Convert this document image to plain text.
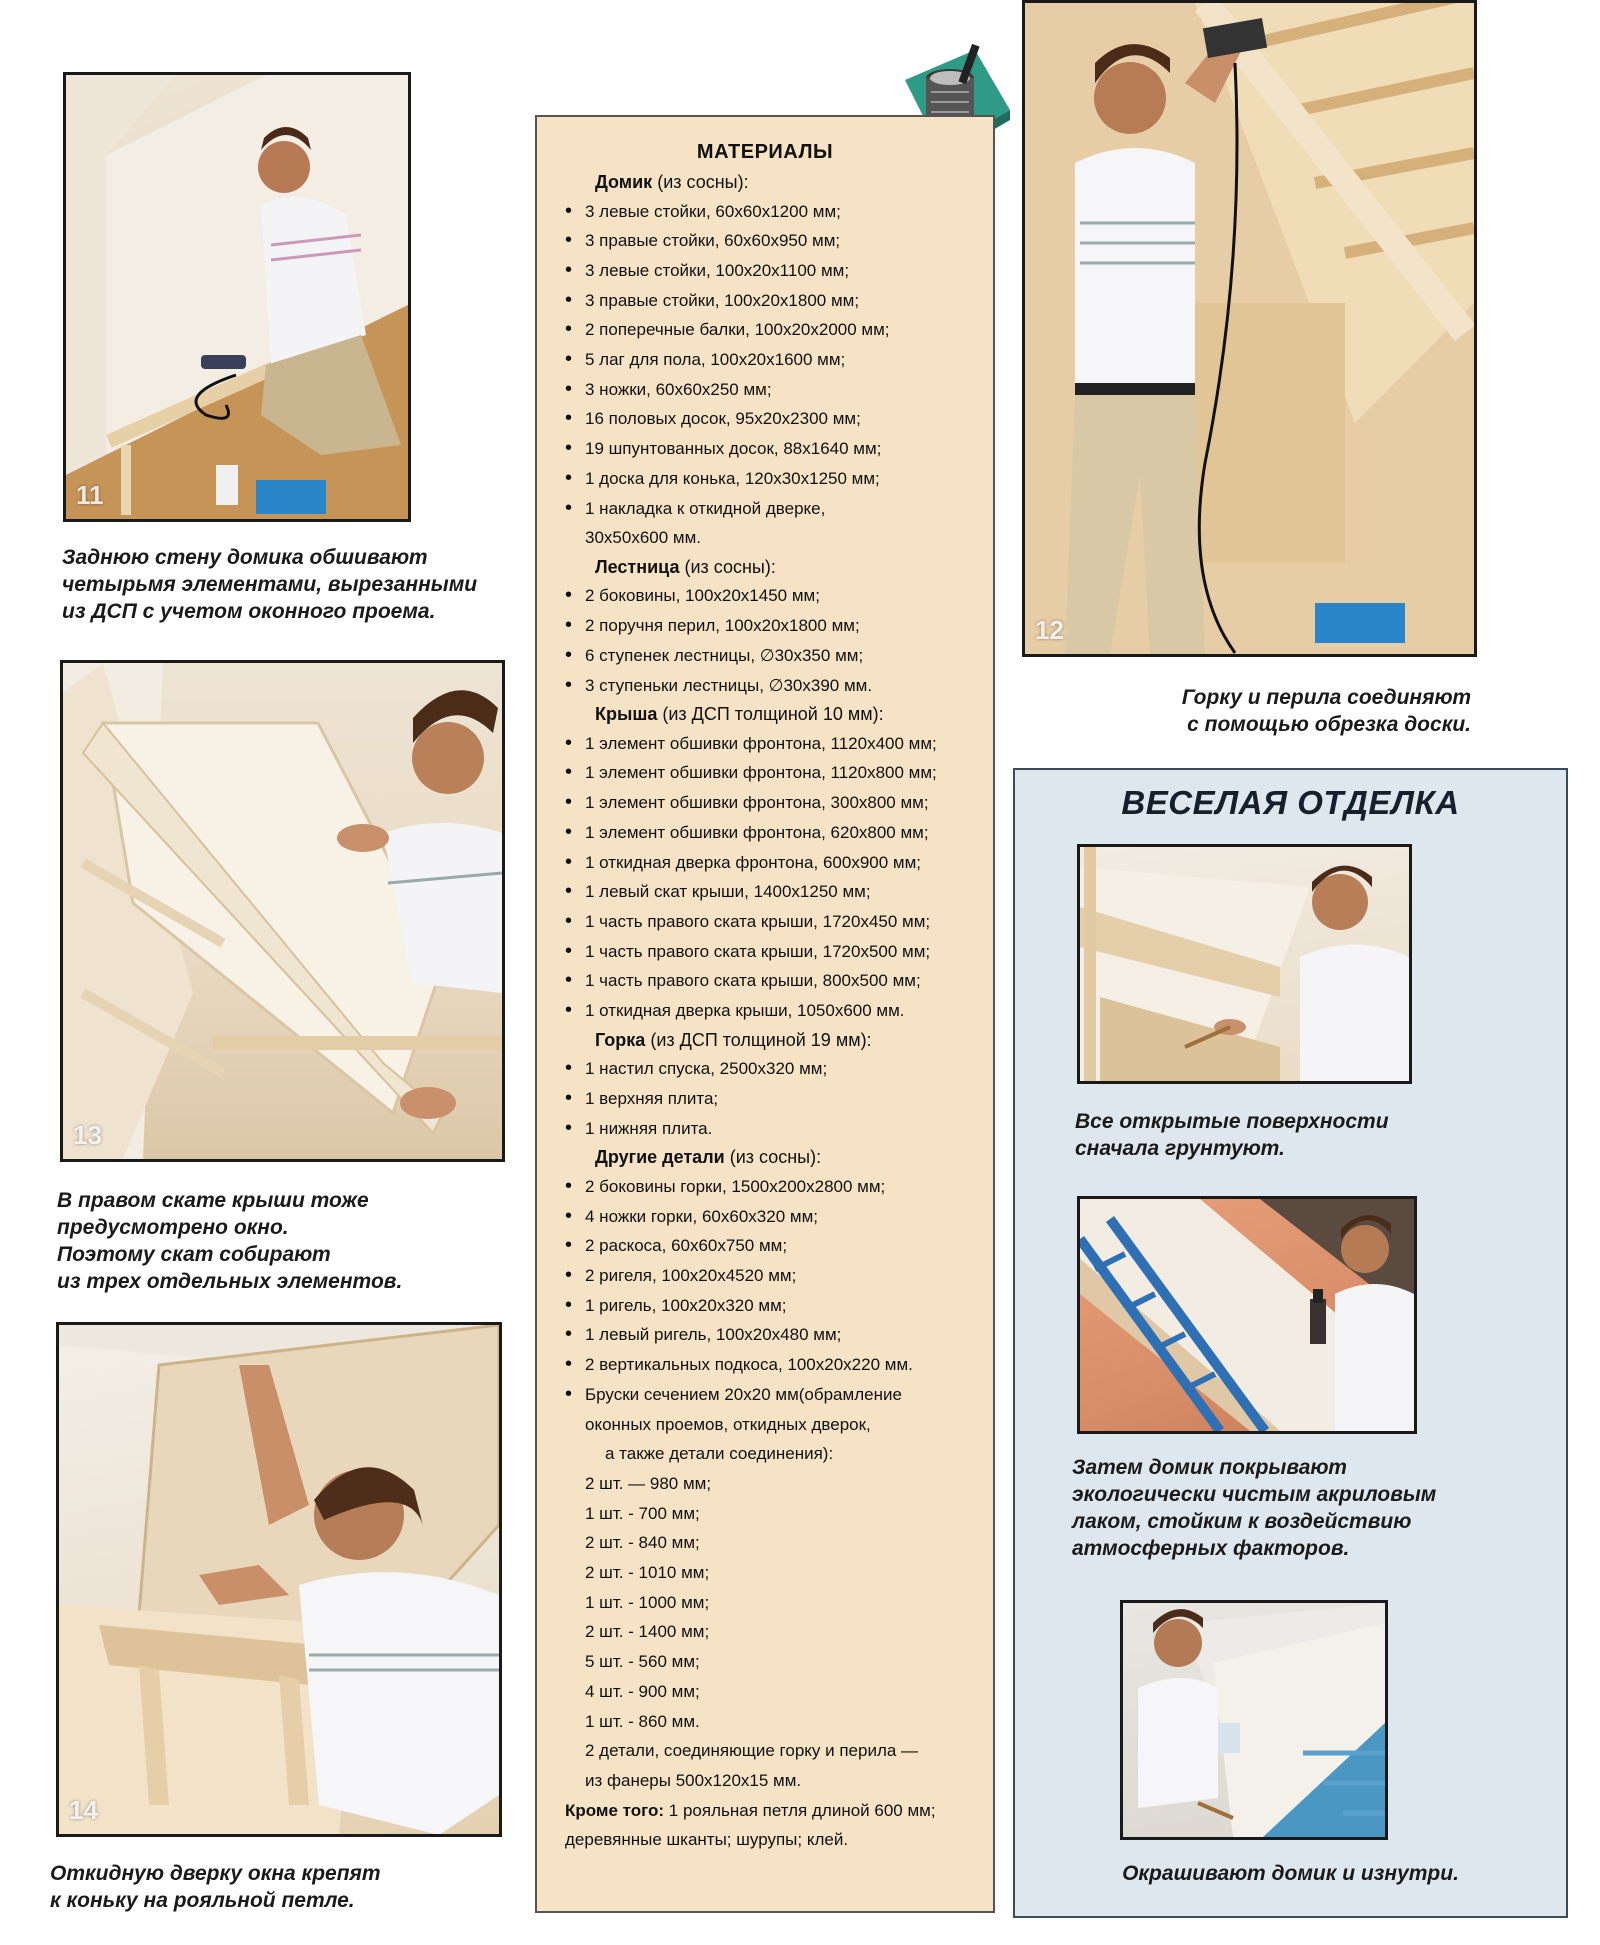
11
Заднюю стену домика обшивают
четырьмя элементами, вырезанными
из ДСП с учетом оконного проема.
13
В правом скате крыши тоже
предусмотрено окно.
Поэтому скат собирают
из трех отдельных элементов.
14
Откидную дверку окна крепят
к коньку на рояльной петле.
МАТЕРИАЛЫ
Домик (из сосны):
• 3 левые стойки, 60х60х1200 мм;
• 3 правые стойки, 60х60х950 мм;
• 3 левые стойки, 100х20х1100 мм;
• 3 правые стойки, 100х20х1800 мм;
• 2 поперечные балки, 100х20х2000 мм;
• 5 лаг для пола, 100х20х1600 мм;
• 3 ножки, 60х60х250 мм;
• 16 половых досок, 95х20х2300 мм;
• 19 шпунтованных досок, 88х1640 мм;
• 1 доска для конька, 120х30х1250 мм;
• 1 накладка к откидной дверке,
30х50х600 мм.
Лестница (из сосны):
• 2 боковины, 100х20х1450 мм;
• 2 поручня перил, 100х20х1800 мм;
• 6 ступенек лестницы, ∅30х350 мм;
• 3 ступеньки лестницы, ∅30х390 мм.
Крыша (из ДСП толщиной 10 мм):
• 1 элемент обшивки фронтона, 1120х400 мм;
• 1 элемент обшивки фронтона, 1120х800 мм;
• 1 элемент обшивки фронтона, 300х800 мм;
• 1 элемент обшивки фронтона, 620х800 мм;
• 1 откидная дверка фронтона, 600х900 мм;
• 1 левый скат крыши, 1400х1250 мм;
• 1 часть правого ската крыши, 1720х450 мм;
• 1 часть правого ската крыши, 1720х500 мм;
• 1 часть правого ската крыши, 800х500 мм;
• 1 откидная дверка крыши, 1050х600 мм.
Горка (из ДСП толщиной 19 мм):
• 1 настил спуска, 2500х320 мм;
• 1 верхняя плита;
• 1 нижняя плита.
Другие детали (из сосны):
• 2 боковины горки, 1500х200х2800 мм;
• 4 ножки горки, 60х60х320 мм;
• 2 раскоса, 60х60х750 мм;
• 2 ригеля, 100х20х4520 мм;
• 1 ригель, 100х20х320 мм;
• 1 левый ригель, 100х20х480 мм;
• 2 вертикальных подкоса, 100х20х220 мм.
• Бруски сечением 20х20 мм(обрамление
оконных проемов, откидных дверок,
а также детали соединения):
2 шт. — 980 мм;
1 шт. - 700 мм;
2 шт. - 840 мм;
2 шт. - 1010 мм;
1 шт. - 1000 мм;
2 шт. - 1400 мм;
5 шт. - 560 мм;
4 шт. - 900 мм;
1 шт. - 860 мм.
2 детали, соединяющие горку и перила —
из фанеры 500х120х15 мм.
Кроме того: 1 рояльная петля длиной 600 мм;
деревянные шканты; шурупы; клей.
12
Горку и перила соединяют
с помощью обрезка доски.
ВЕСЕЛАЯ ОТДЕЛКА
Все открытые поверхности
сначала грунтуют.
Затем домик покрывают
экологически чистым акриловым
лаком, стойким к воздействию
атмосферных факторов.
Окрашивают домик и изнутри.
